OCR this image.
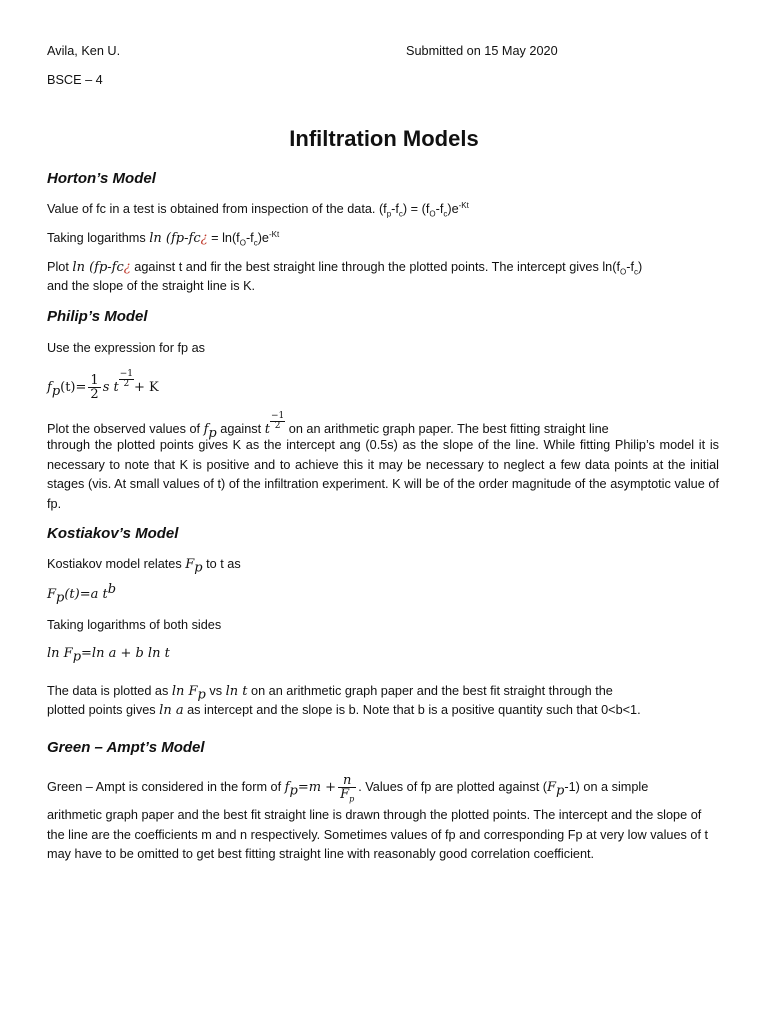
Avila, Ken U.	Submitted on 15 May 2020
BSCE – 4
Infiltration Models
Horton’s Model
Value of fc in a test is obtained from inspection of the data. $(f_p-f_c) = (f_O-f_c)e^{-Kt}$
Taking logarithms ln (fp-fc¿ = $\ln(f_O-f_c)e^{-Kt}$
Plot ln (fp-fc¿ against t and fir the best straight line through the plotted points. The intercept gives $\ln(f_O-f_c)$
and the slope of the straight line is K.
Philip’s Model
Use the expression for fp as
$f_p(t)= \frac{1}{2}$ s t $\frac{-1}{2} + K$
Plot the observed values of $f_p$ against t $\frac{-1}{2}$ on an arithmetic graph paper. The best fitting straight line
through the plotted points gives K as the intercept ang (0.5s) as the slope of the line. While fitting Philip’s model it is necessary to note that K is positive and to achieve this it may be necessary to neglect a few data points at the initial stages (vis. At small values of t) of the infiltration experiment. K will be of the order magnitude of the asymptotic value of fp.
Kostiakov’s Model
Kostiakov model relates $F_p$ to t as
$F_p(t)=a$ $t^b$
Taking logarithms of both sides
$\ln F_p=\ln$ a + b ln t
The data is plotted as $\ln F_p$ vs ln t on an arithmetic graph paper and the best fit straight through the
plotted points gives ln a as intercept and the slope is b. Note that b is a positive quantity such that 0<b<1.
Green – Ampt’s Model
Green – Ampt is considered in the form of $f_p=m + \frac{n}{F_p}$ . Values of fp are plotted against $(F_p-1)$ on a simple
arithmetic graph paper and the best fit straight line is drawn through the plotted points. The intercept and the slope of the line are the coefficients m and n respectively. Sometimes values of fp and corresponding Fp at very low values of t may have to be omitted to get best fitting straight line with reasonably good correlation coefficient.
